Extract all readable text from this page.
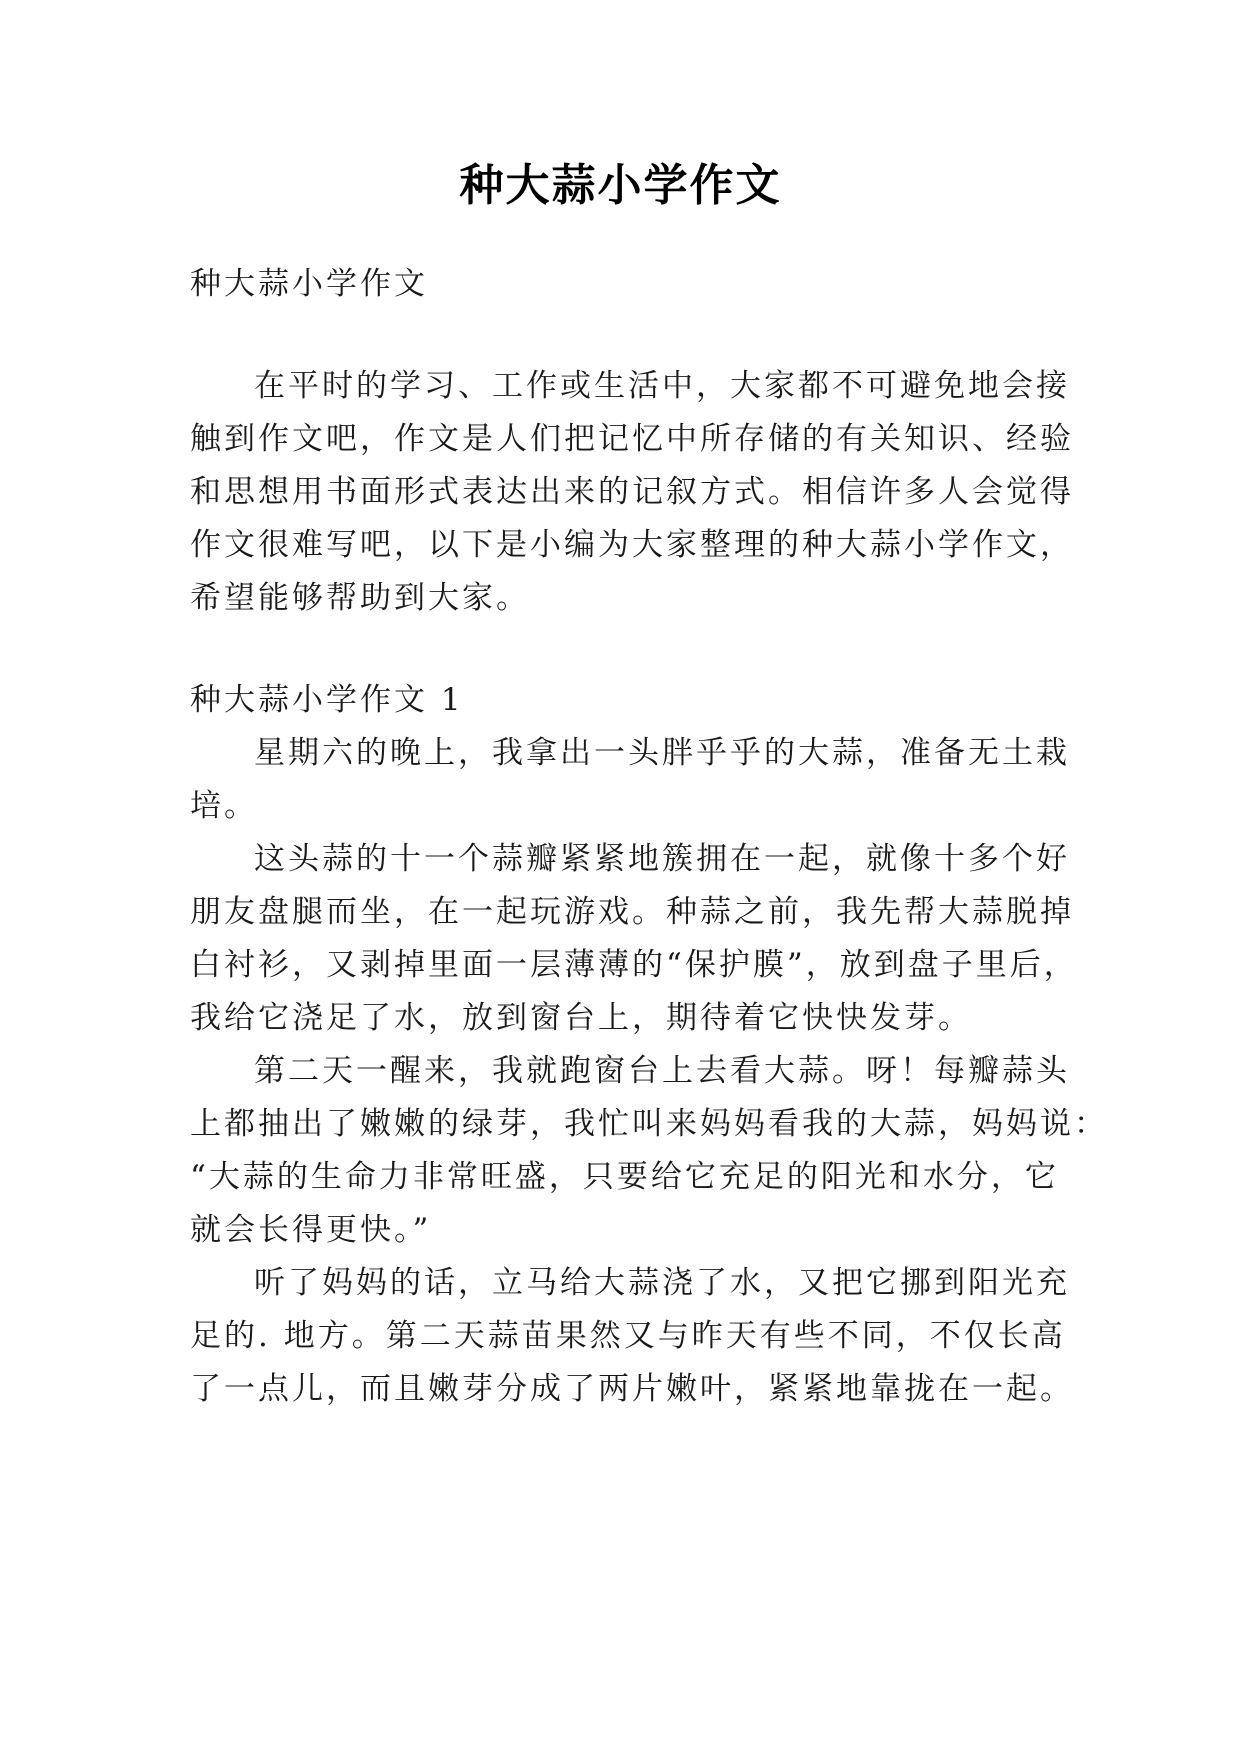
种大蒜小学作文
种大蒜小学作文
在平时的学习、工作或生活中，大家都不可避免地会接
触到作文吧，作文是人们把记忆中所存储的有关知识、经验
和思想用书面形式表达出来的记叙方式。相信许多人会觉得
作文很难写吧，以下是小编为大家整理的种大蒜小学作文，
希望能够帮助到大家。
种大蒜小学作文 1
星期六的晚上，我拿出一头胖乎乎的大蒜，准备无土栽
培。
这头蒜的十一个蒜瓣紧紧地簇拥在一起，就像十多个好
朋友盘腿而坐，在一起玩游戏。种蒜之前，我先帮大蒜脱掉
白衬衫，又剥掉里面一层薄薄的“保护膜”，放到盘子里后，
我给它浇足了水，放到窗台上，期待着它快快发芽。
第二天一醒来，我就跑窗台上去看大蒜。呀！每瓣蒜头
上都抽出了嫩嫩的绿芽，我忙叫来妈妈看我的大蒜，妈妈说：
“大蒜的生命力非常旺盛，只要给它充足的阳光和水分，它
就会长得更快。”
听了妈妈的话，立马给大蒜浇了水，又把它挪到阳光充
足的. 地方。第二天蒜苗果然又与昨天有些不同，不仅长高
了一点儿，而且嫩芽分成了两片嫩叶，紧紧地靠拢在一起。
